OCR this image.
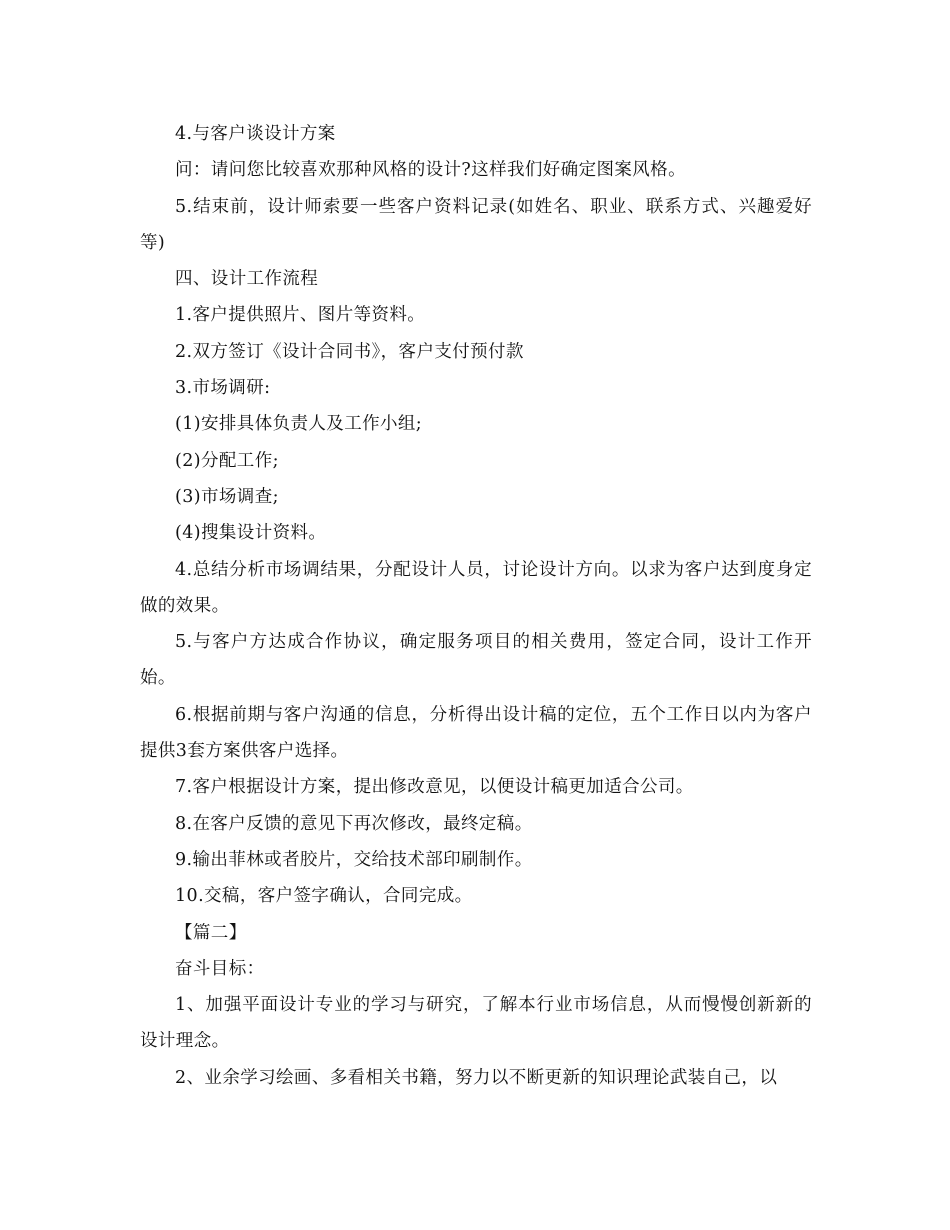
4.与客户谈设计方案

问：请问您比较喜欢那种风格的设计?这样我们好确定图案风格。

5.结束前，设计师索要一些客户资料记录(如姓名、职业、联系方式、兴趣爱好等)

四、设计工作流程

1.客户提供照片、图片等资料。

2.双方签订《设计合同书》，客户支付预付款

3.市场调研:

(1)安排具体负责人及工作小组;

(2)分配工作;

(3)市场调查;

(4)搜集设计资料。

4.总结分析市场调结果，分配设计人员，讨论设计方向。以求为客户达到度身定做的效果。

5.与客户方达成合作协议，确定服务项目的相关费用，签定合同，设计工作开始。

6.根据前期与客户沟通的信息，分析得出设计稿的定位，五个工作日以内为客户提供3套方案供客户选择。

7.客户根据设计方案，提出修改意见，以便设计稿更加适合公司。

8.在客户反馈的意见下再次修改，最终定稿。

9.输出菲林或者胶片，交给技术部印刷制作。

10.交稿，客户签字确认，合同完成。

【篇二】

奋斗目标：

1、加强平面设计专业的学习与研究，了解本行业市场信息，从而慢慢创新新的设计理念。

2、业余学习绘画、多看相关书籍，努力以不断更新的知识理论武装自己，以
